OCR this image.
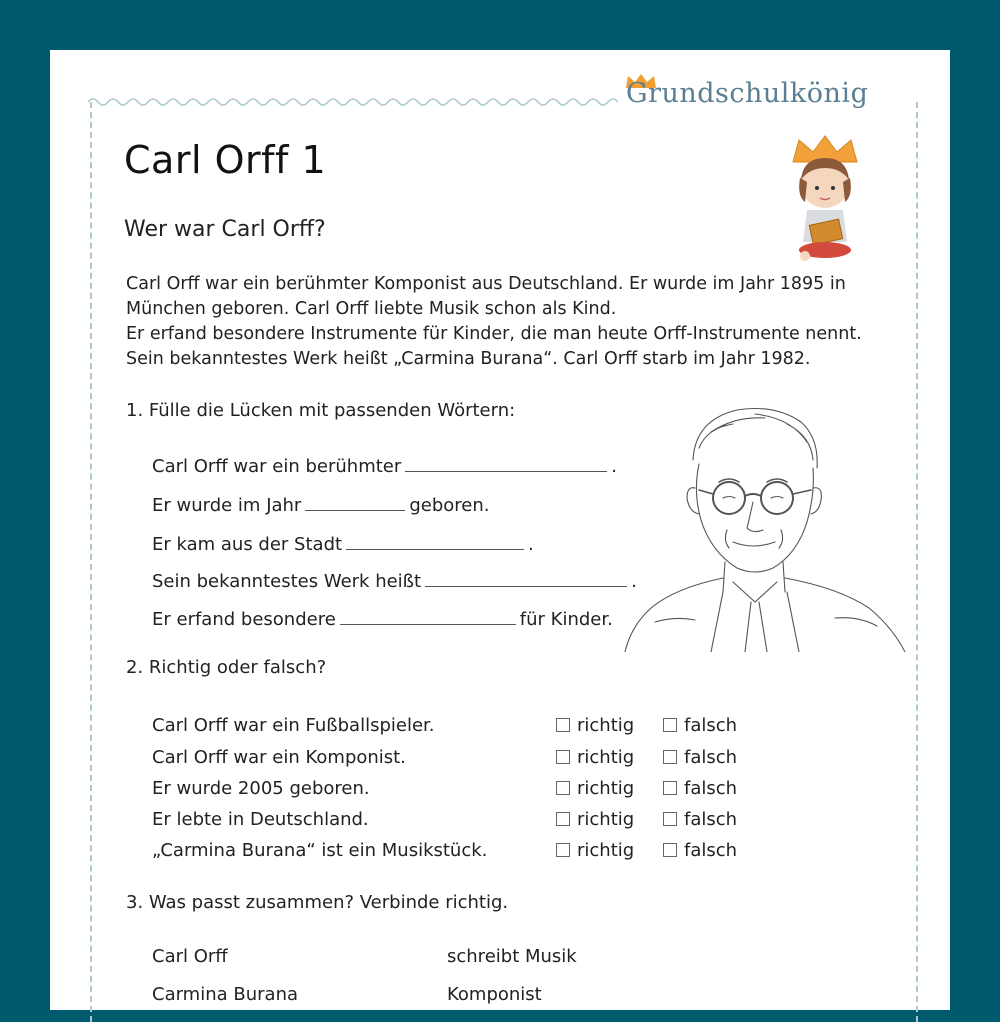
Grundschulkönig
Carl Orff 1
Wer war Carl Orff?
Carl Orff war ein berühmter Komponist aus Deutschland. Er wurde im Jahr 1895 in
München geboren. Carl Orff liebte Musik schon als Kind.
Er erfand besondere Instrumente für Kinder, die man heute Orff-Instrumente nennt.
Sein bekanntestes Werk heißt „Carmina Burana“. Carl Orff starb im Jahr 1982.
1. Fülle die Lücken mit passenden Wörtern:
Carl Orff war ein berühmter	.
Er wurde im Jahr	geboren.
Er kam aus der Stadt	.
Sein bekanntestes Werk heißt	.
Er erfand besondere	für Kinder.
2. Richtig oder falsch?
Carl Orff war ein Fußballspieler.	richtig	falsch
Carl Orff war ein Komponist.	richtig	falsch
Er wurde 2005 geboren.	richtig	falsch
Er lebte in Deutschland.	richtig	falsch
„Carmina Burana“ ist ein Musikstück.	richtig	falsch
3. Was passt zusammen? Verbinde richtig.
Carl Orff	schreibt Musik
Carmina Burana	Komponist
